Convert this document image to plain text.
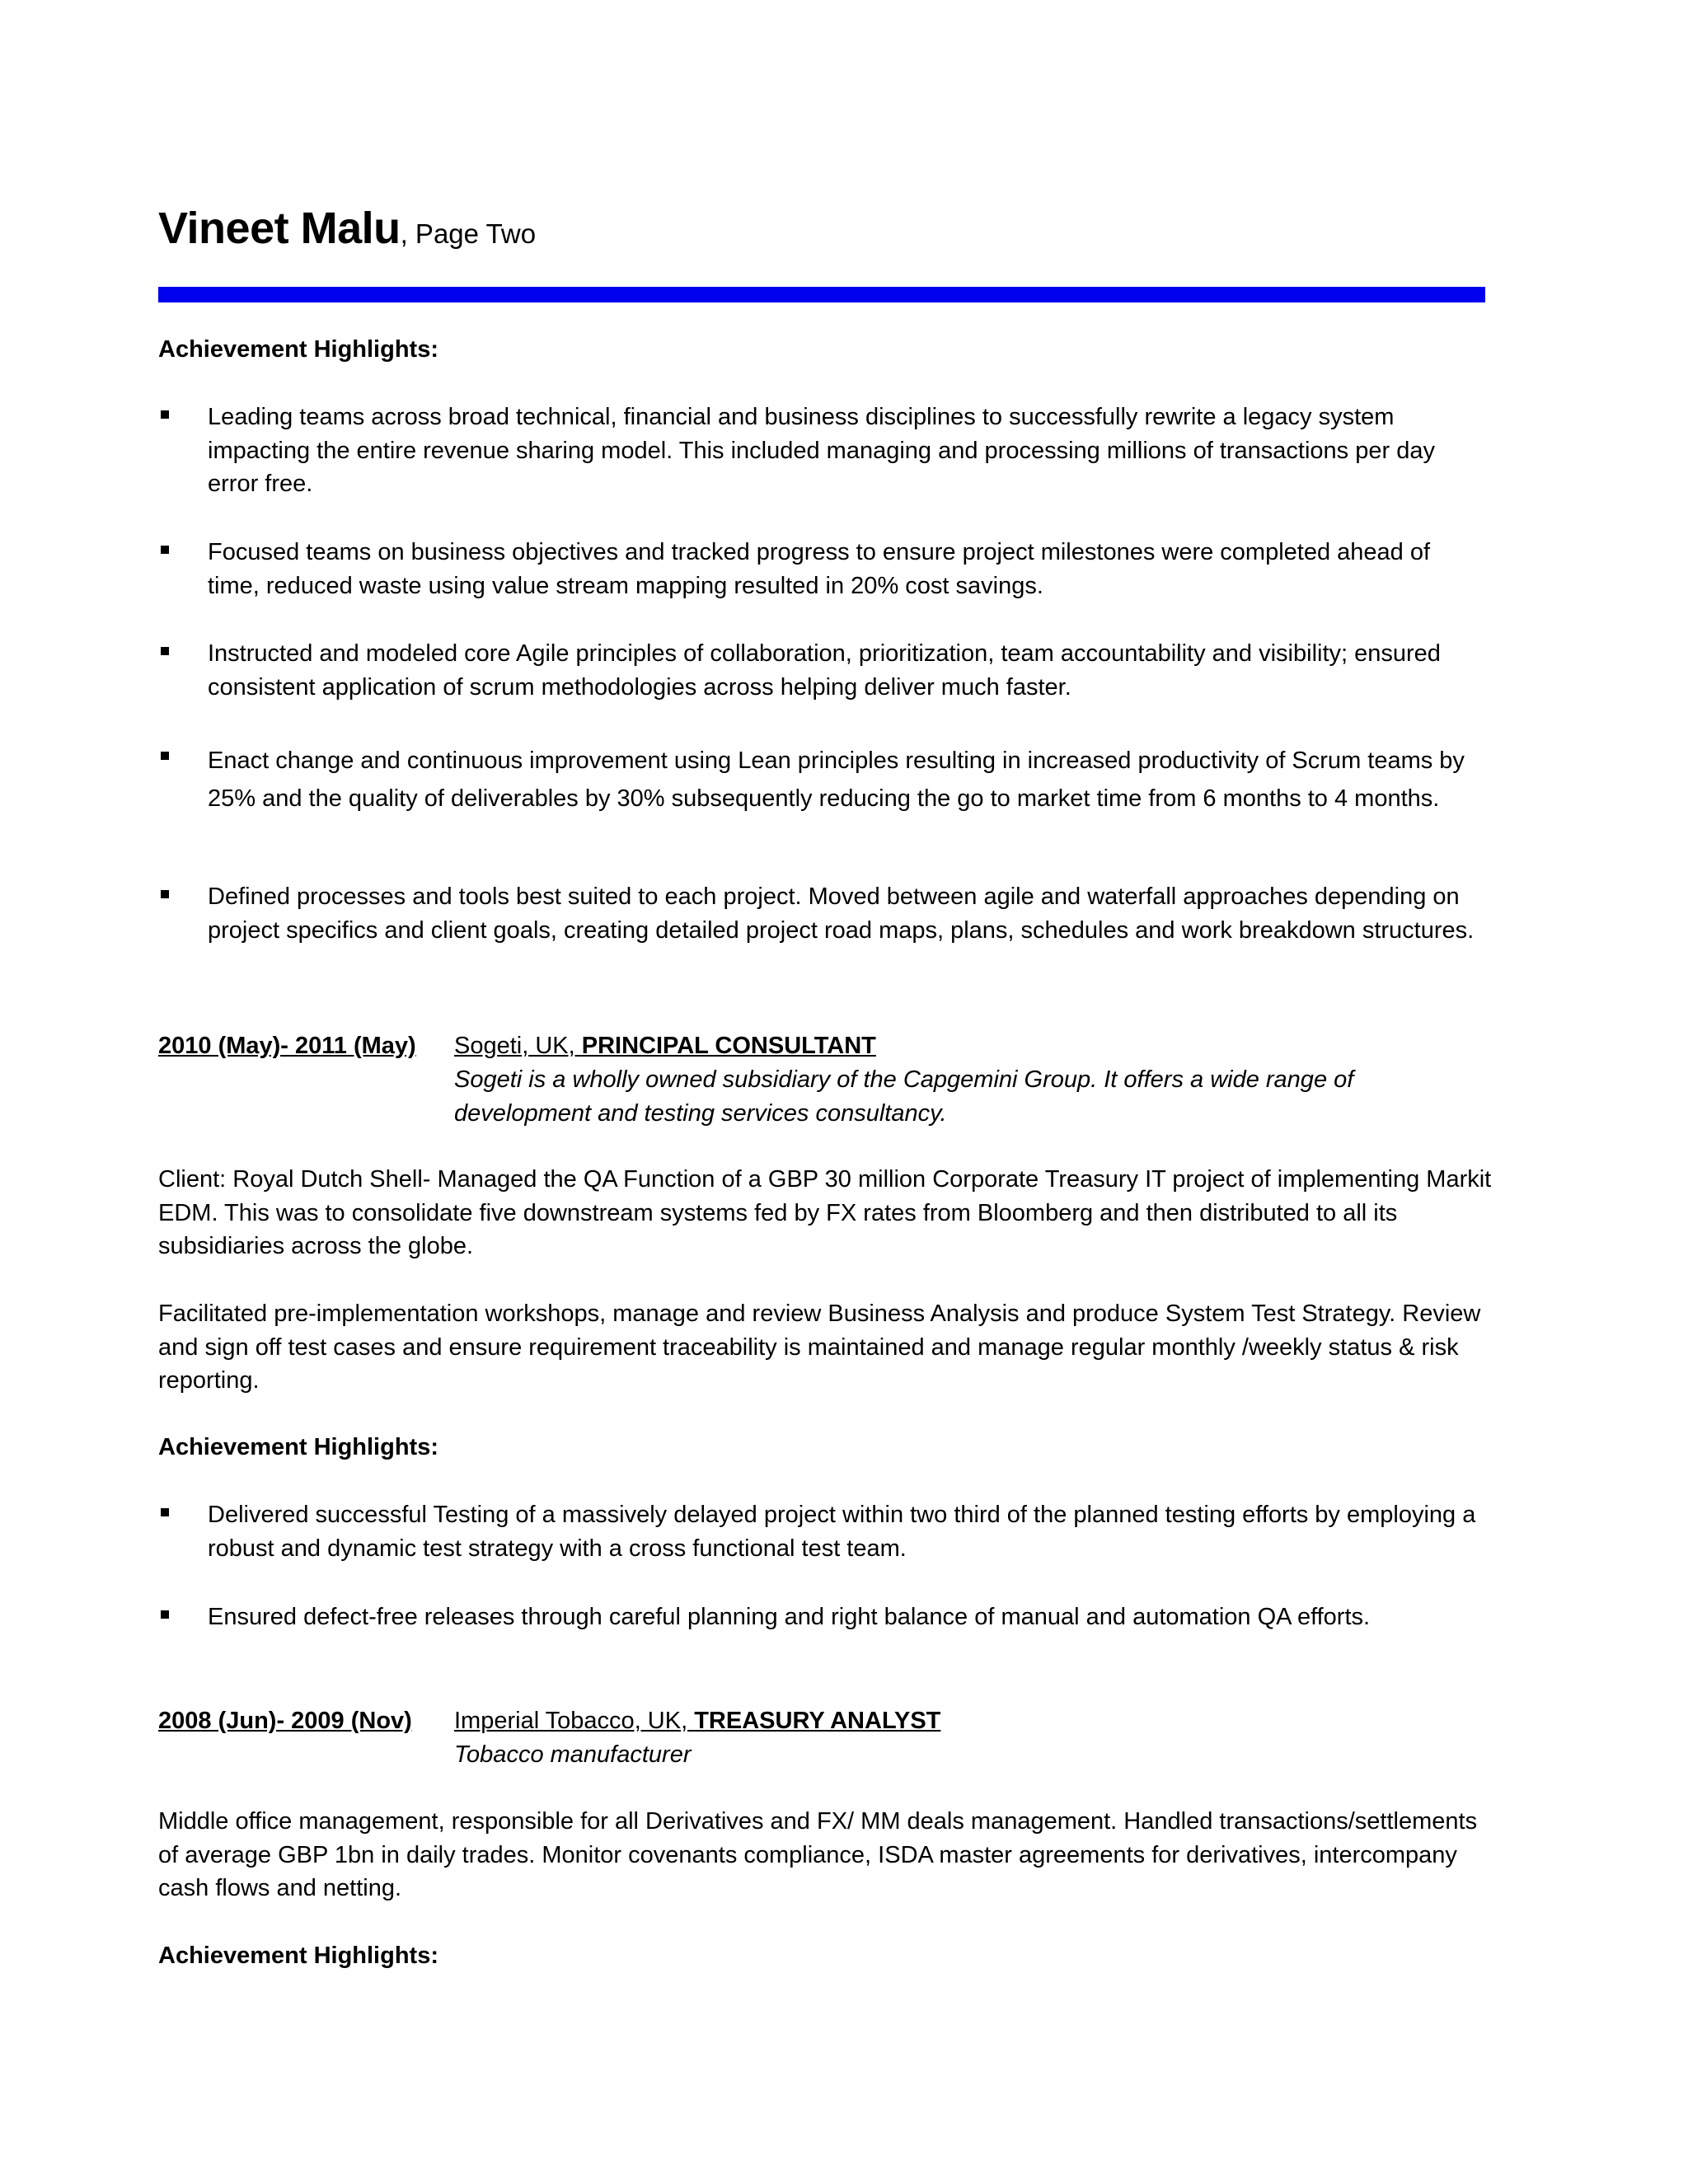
Vineet Malu, Page Two
Achievement Highlights:
Leading teams across broad technical, financial and business disciplines to successfully rewrite a legacy system impacting the entire revenue sharing model. This included managing and processing millions of transactions per day error free.
Focused teams on business objectives and tracked progress to ensure project milestones were completed ahead of time, reduced waste using value stream mapping resulted in 20% cost savings.
Instructed and modeled core Agile principles of collaboration, prioritization, team accountability and visibility; ensured consistent application of scrum methodologies across helping deliver much faster.
Enact change and continuous improvement using Lean principles resulting in increased productivity of Scrum teams by 25% and the quality of deliverables by 30% subsequently reducing the go to market time from 6 months to 4 months.
Defined processes and tools best suited to each project. Moved between agile and waterfall approaches depending on project specifics and client goals, creating detailed project road maps, plans, schedules and work breakdown structures.
2010 (May)- 2011 (May) Sogeti, UK, PRINCIPAL CONSULTANT
Sogeti is a wholly owned subsidiary of the Capgemini Group. It offers a wide range of development and testing services consultancy.
Client: Royal Dutch Shell- Managed the QA Function of a GBP 30 million Corporate Treasury IT project of implementing Markit EDM. This was to consolidate five downstream systems fed by FX rates from Bloomberg and then distributed to all its subsidiaries across the globe.
Facilitated pre-implementation workshops, manage and review Business Analysis and produce System Test Strategy. Review and sign off test cases and ensure requirement traceability is maintained and manage regular monthly /weekly status & risk reporting.
Achievement Highlights:
Delivered successful Testing of a massively delayed project within two third of the planned testing efforts by employing a robust and dynamic test strategy with a cross functional test team.
Ensured defect-free releases through careful planning and right balance of manual and automation QA efforts.
2008 (Jun)- 2009 (Nov) Imperial Tobacco, UK, TREASURY ANALYST
Tobacco manufacturer
Middle office management, responsible for all Derivatives and FX/ MM deals management. Handled transactions/settlements of average GBP 1bn in daily trades. Monitor covenants compliance, ISDA master agreements for derivatives, intercompany cash flows and netting.
Achievement Highlights:
